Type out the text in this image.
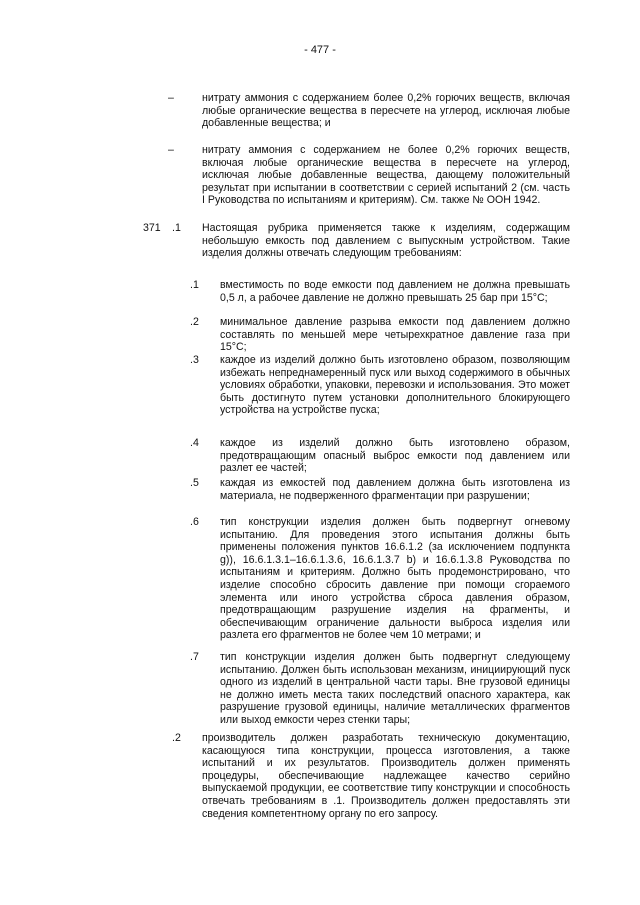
- 477 -
–	нитрату аммония с содержанием более 0,2% горючих веществ, включая любые органические вещества в пересчете на углерод, исключая любые добавленные вещества; и
–	нитрату аммония с содержанием не более 0,2% горючих веществ, включая любые органические вещества в пересчете на углерод, исключая любые добавленные вещества, дающему положительный результат при испытании в соответствии с серией испытаний 2 (см. часть I Руководства по испытаниям и критериям). См. также № ООН 1942.
371 .1 Настоящая рубрика применяется также к изделиям, содержащим небольшую емкость под давлением с выпускным устройством. Такие изделия должны отвечать следующим требованиям:
.1 вместимость по воде емкости под давлением не должна превышать 0,5 л, а рабочее давление не должно превышать 25 бар при 15°C;
.2 минимальное давление разрыва емкости под давлением должно составлять по меньшей мере четырехкратное давление газа при 15°C;
.3 каждое из изделий должно быть изготовлено образом, позволяющим избежать непреднамеренный пуск или выход содержимого в обычных условиях обработки, упаковки, перевозки и использования. Это может быть достигнуто путем установки дополнительного блокирующего устройства на устройстве пуска;
.4 каждое из изделий должно быть изготовлено образом, предотвращающим опасный выброс емкости под давлением или разлет ее частей;
.5 каждая из емкостей под давлением должна быть изготовлена из материала, не подверженного фрагментации при разрушении;
.6 тип конструкции изделия должен быть подвергнут огневому испытанию. Для проведения этого испытания должны быть применены положения пунктов 16.6.1.2 (за исключением подпункта g)), 16.6.1.3.1–16.6.1.3.6, 16.6.1.3.7 b) и 16.6.1.3.8 Руководства по испытаниям и критериям. Должно быть продемонстрировано, что изделие способно сбросить давление при помощи сгораемого элемента или иного устройства сброса давления образом, предотвращающим разрушение изделия на фрагменты, и обеспечивающим ограничение дальности выброса изделия или разлета его фрагментов не более чем 10 метрами; и
.7 тип конструкции изделия должен быть подвергнут следующему испытанию. Должен быть использован механизм, инициирующий пуск одного из изделий в центральной части тары. Вне грузовой единицы не должно иметь места таких последствий опасного характера, как разрушение грузовой единицы, наличие металлических фрагментов или выход емкости через стенки тары;
.2 производитель должен разработать техническую документацию, касающуюся типа конструкции, процесса изготовления, а также испытаний и их результатов. Производитель должен применять процедуры, обеспечивающие надлежащее качество серийно выпускаемой продукции, ее соответствие типу конструкции и способность отвечать требованиям в .1. Производитель должен предоставлять эти сведения компетентному органу по его запросу.
